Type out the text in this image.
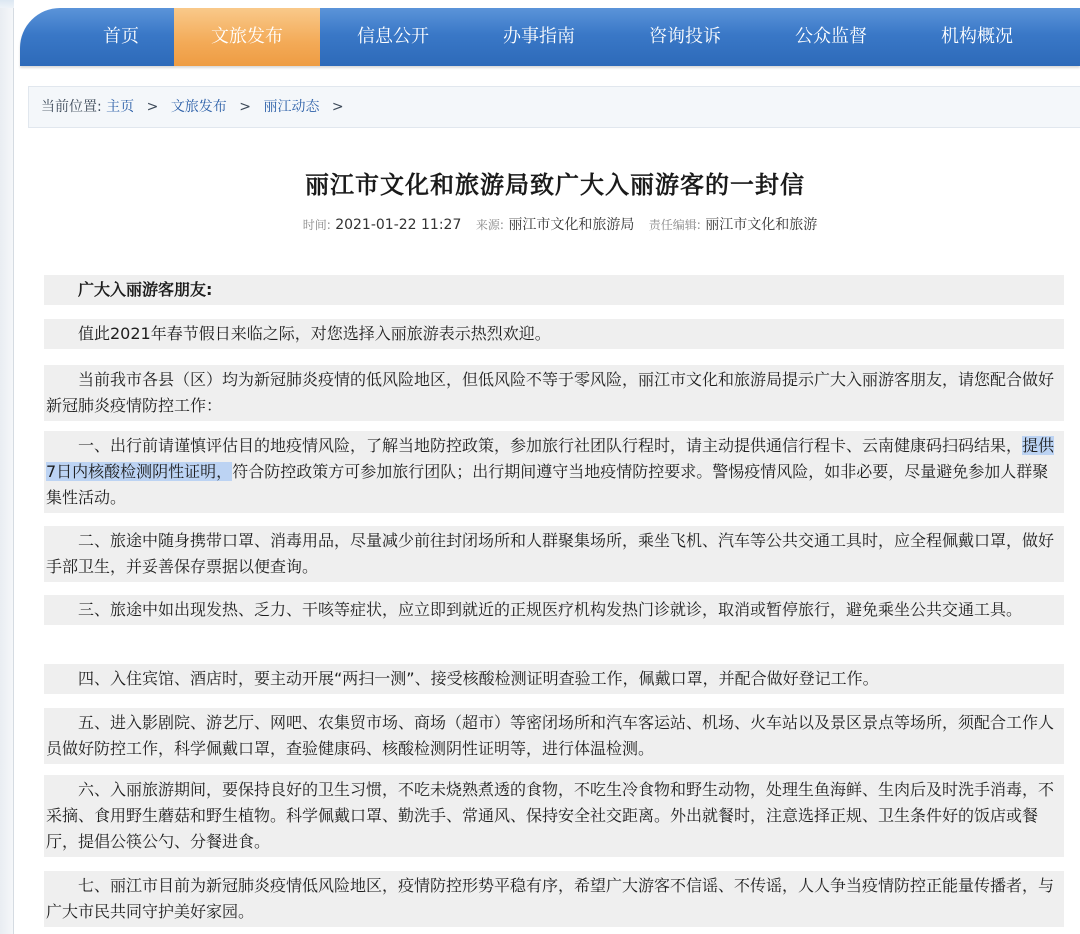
首页	文旅发布	信息公开	办事指南	咨询投诉	公众监督	机构概况
当前位置: 主页 > 文旅发布 > 丽江动态 >
丽江市文化和旅游局致广大入丽游客的一封信
时间: 2021-01-22 11:27 来源: 丽江市文化和旅游局 责任编辑: 丽江市文化和旅游
广大入丽游客朋友:
值此2021年春节假日来临之际，对您选择入丽旅游表示热烈欢迎。
当前我市各县（区）均为新冠肺炎疫情的低风险地区，但低风险不等于零风险，丽江市文化和旅游局提示广大入丽游客朋友，请您配合做好新冠肺炎疫情防控工作：
一、出行前请谨慎评估目的地疫情风险，了解当地防控政策，参加旅行社团队行程时，请主动提供通信行程卡、云南健康码扫码结果，提供7日内核酸检测阴性证明，符合防控政策方可参加旅行团队；出行期间遵守当地疫情防控要求。警惕疫情风险，如非必要，尽量避免参加人群聚集性活动。
二、旅途中随身携带口罩、消毒用品，尽量减少前往封闭场所和人群聚集场所，乘坐飞机、汽车等公共交通工具时，应全程佩戴口罩，做好手部卫生，并妥善保存票据以便查询。
三、旅途中如出现发热、乏力、干咳等症状，应立即到就近的正规医疗机构发热门诊就诊，取消或暂停旅行，避免乘坐公共交通工具。
四、入住宾馆、酒店时，要主动开展“两扫一测”、接受核酸检测证明查验工作，佩戴口罩，并配合做好登记工作。
五、进入影剧院、游艺厅、网吧、农集贸市场、商场（超市）等密闭场所和汽车客运站、机场、火车站以及景区景点等场所，须配合工作人员做好防控工作，科学佩戴口罩，查验健康码、核酸检测阴性证明等，进行体温检测。
六、入丽旅游期间，要保持良好的卫生习惯，不吃未烧熟煮透的食物，不吃生冷食物和野生动物，处理生鱼海鲜、生肉后及时洗手消毒，不采摘、食用野生蘑菇和野生植物。科学佩戴口罩、勤洗手、常通风、保持安全社交距离。外出就餐时，注意选择正规、卫生条件好的饭店或餐厅，提倡公筷公勺、分餐进食。
七、丽江市目前为新冠肺炎疫情低风险地区，疫情防控形势平稳有序，希望广大游客不信谣、不传谣，人人争当疫情防控正能量传播者，与广大市民共同守护美好家园。
